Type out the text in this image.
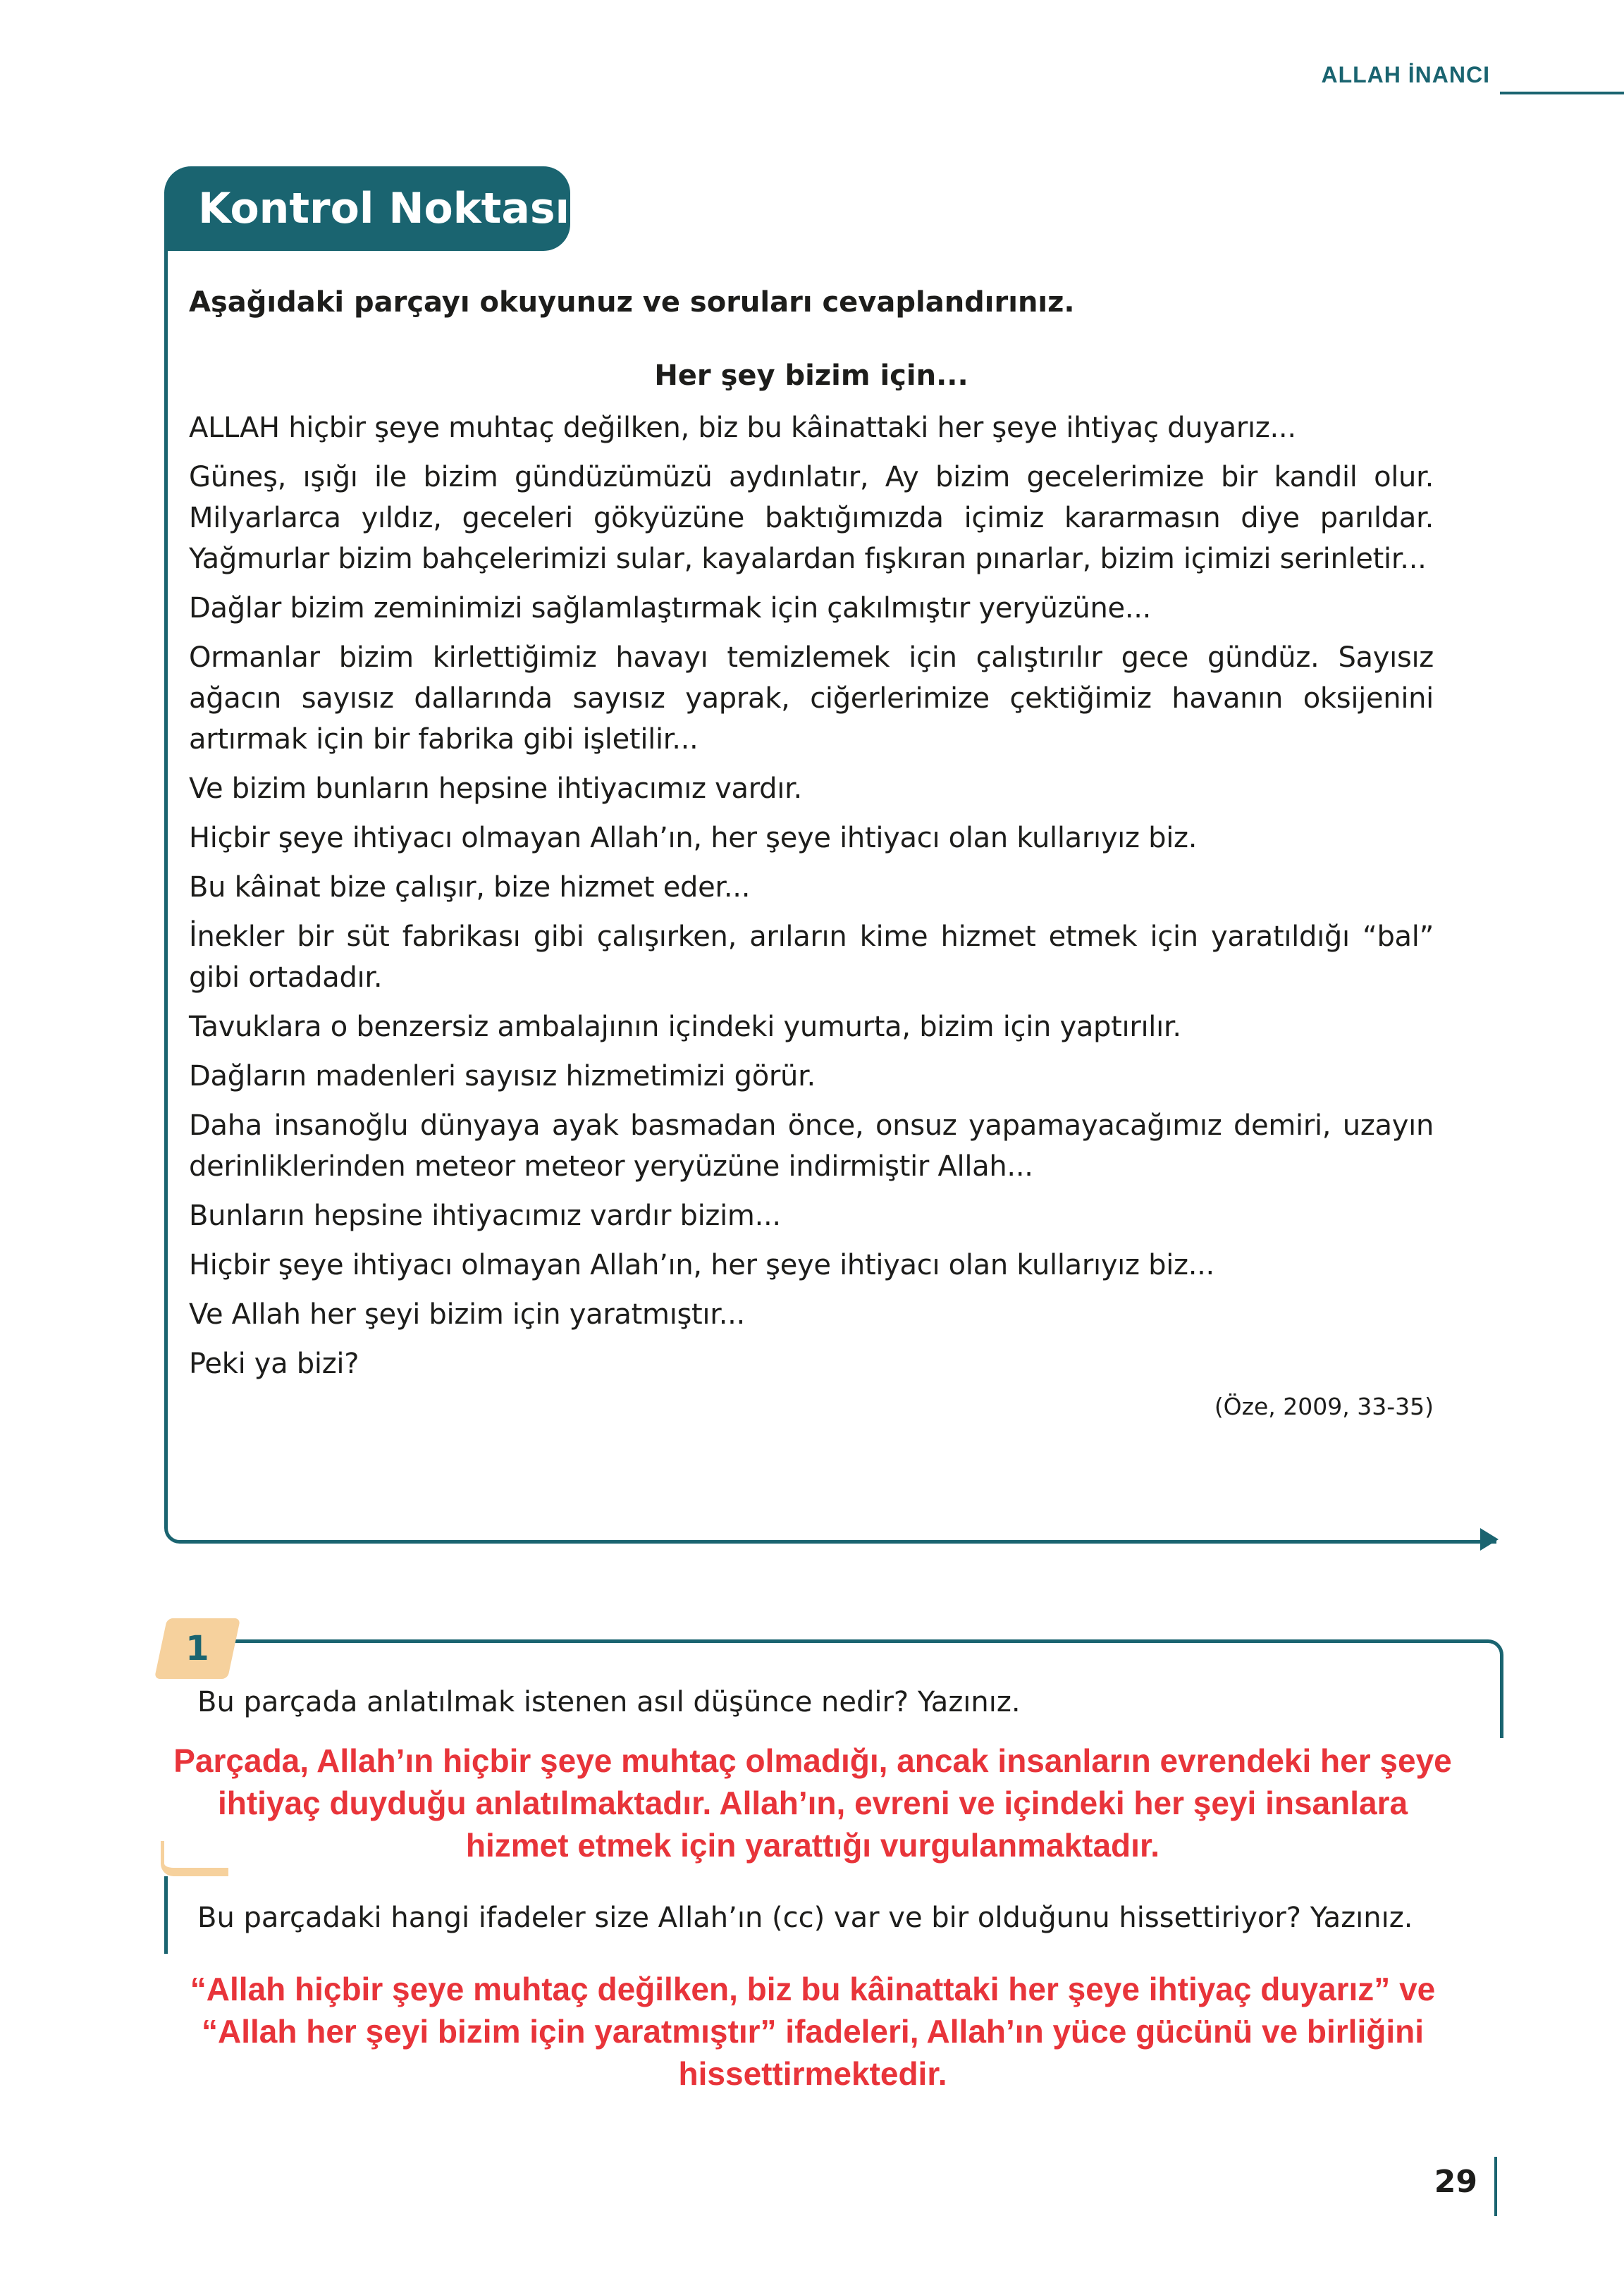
ALLAH İNANCI
Kontrol Noktası
Aşağıdaki parçayı okuyunuz ve soruları cevaplandırınız.
Her şey bizim için...

ALLAH hiçbir şeye muhtaç değilken, biz bu kâinattaki her şeye ihtiyaç duyarız...

Güneş, ışığı ile bizim gündüzümüzü aydınlatır, Ay bizim gecelerimize bir kandil olur. Milyarlarca yıldız, geceleri gökyüzüne baktığımızda içimiz kararmasın diye parıldar. Yağmurlar bizim bahçelerimizi sular, kayalardan fışkıran pınarlar, bizim içimizi serinletir...

Dağlar bizim zeminimizi sağlamlaştırmak için çakılmıştır yeryüzüne...

Ormanlar bizim kirlettiğimiz havayı temizlemek için çalıştırılır gece gündüz. Sayısız ağacın sayısız dallarında sayısız yaprak, ciğerlerimize çektiğimiz havanın oksijenini artırmak için bir fabrika gibi işletilir...

Ve bizim bunların hepsine ihtiyacımız vardır.

Hiçbir şeye ihtiyacı olmayan Allah’ın, her şeye ihtiyacı olan kullarıyız biz.

Bu kâinat bize çalışır, bize hizmet eder...

İnekler bir süt fabrikası gibi çalışırken, arıların kime hizmet etmek için yaratıldığı “bal” gibi ortadadır.

Tavuklara o benzersiz ambalajının içindeki yumurta, bizim için yaptırılır.

Dağların madenleri sayısız hizmetimizi görür.

Daha insanoğlu dünyaya ayak basmadan önce, onsuz yapamayacağımız demiri, uzayın derinliklerinden meteor meteor yeryüzüne indirmiştir Allah...

Bunların hepsine ihtiyacımız vardır bizim...

Hiçbir şeye ihtiyacı olmayan Allah’ın, her şeye ihtiyacı olan kullarıyız biz...

Ve Allah her şeyi bizim için yaratmıştır...

Peki ya bizi?

(Öze, 2009, 33-35)
1
Bu parçada anlatılmak istenen asıl düşünce nedir? Yazınız.
Parçada, Allah’ın hiçbir şeye muhtaç olmadığı, ancak insanların evrendeki her şeye ihtiyaç duyduğu anlatılmaktadır. Allah’ın, evreni ve içindeki her şeyi insanlara hizmet etmek için yarattığı vurgulanmaktadır.
Bu parçadaki hangi ifadeler size Allah’ın (cc) var ve bir olduğunu hissettiriyor? Yazınız.
“Allah hiçbir şeye muhtaç değilken, biz bu kâinattaki her şeye ihtiyaç duyarız” ve “Allah her şeyi bizim için yaratmıştır” ifadeleri, Allah’ın yüce gücünü ve birliğini hissettirmektedir.
29
